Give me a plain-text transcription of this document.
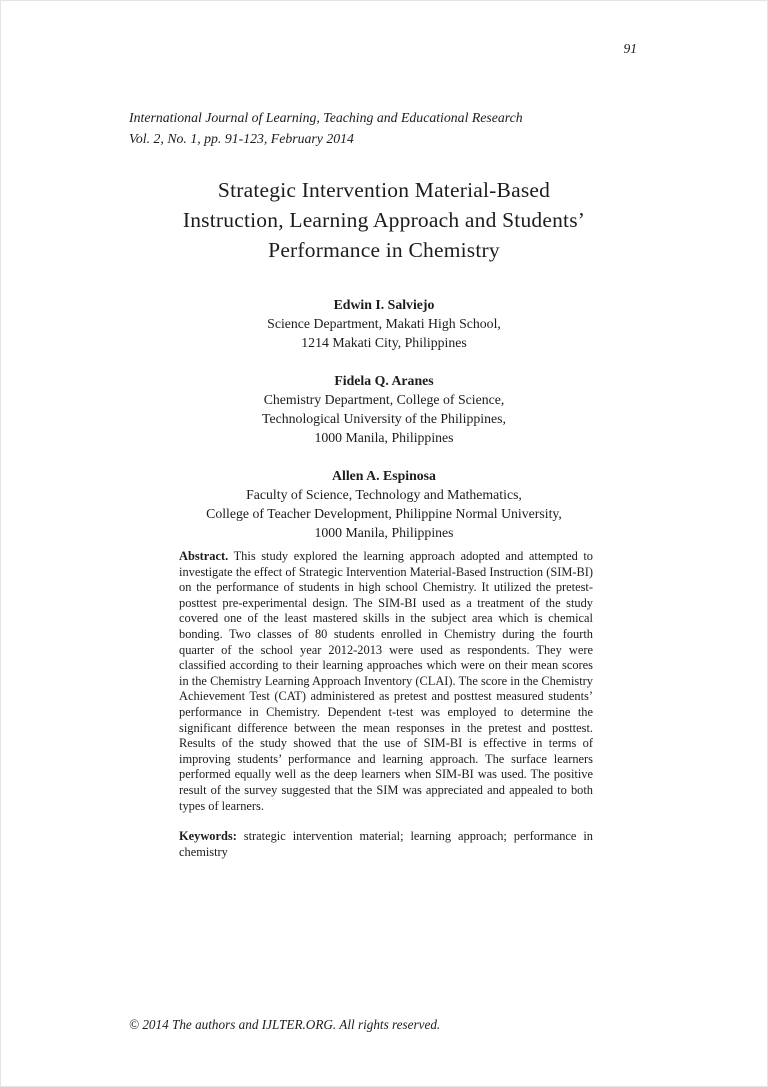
91
International Journal of Learning, Teaching and Educational Research
Vol. 2, No. 1, pp. 91-123, February 2014
Strategic Intervention Material-Based
Instruction, Learning Approach and Students’
Performance in Chemistry
Edwin I. Salviejo
Science Department, Makati High School,
1214 Makati City, Philippines
Fidela Q. Aranes
Chemistry Department, College of Science,
Technological University of the Philippines,
1000 Manila, Philippines
Allen A. Espinosa
Faculty of Science, Technology and Mathematics,
College of Teacher Development, Philippine Normal University,
1000 Manila, Philippines

Abstract. This study explored the learning approach adopted and attempted to investigate the effect of Strategic Intervention Material-Based Instruction (SIM-BI) on the performance of students in high school Chemistry. It utilized the pretest-posttest pre-experimental design. The SIM-BI used as a treatment of the study covered one of the least mastered skills in the subject area which is chemical bonding. Two classes of 80 students enrolled in Chemistry during the fourth quarter of the school year 2012-2013 were used as respondents. They were classified according to their learning approaches which were on their mean scores in the Chemistry Learning Approach Inventory (CLAI). The score in the Chemistry Achievement Test (CAT) administered as pretest and posttest measured students’ performance in Chemistry. Dependent t-test was employed to determine the significant difference between the mean responses in the pretest and posttest. Results of the study showed that the use of SIM-BI is effective in terms of improving students’ performance and learning approach. The surface learners performed equally well as the deep learners when SIM-BI was used. The positive result of the survey suggested that the SIM was appreciated and appealed to both types of learners.

Keywords: strategic intervention material; learning approach; performance in chemistry

© 2014 The authors and IJLTER.ORG. All rights reserved.
